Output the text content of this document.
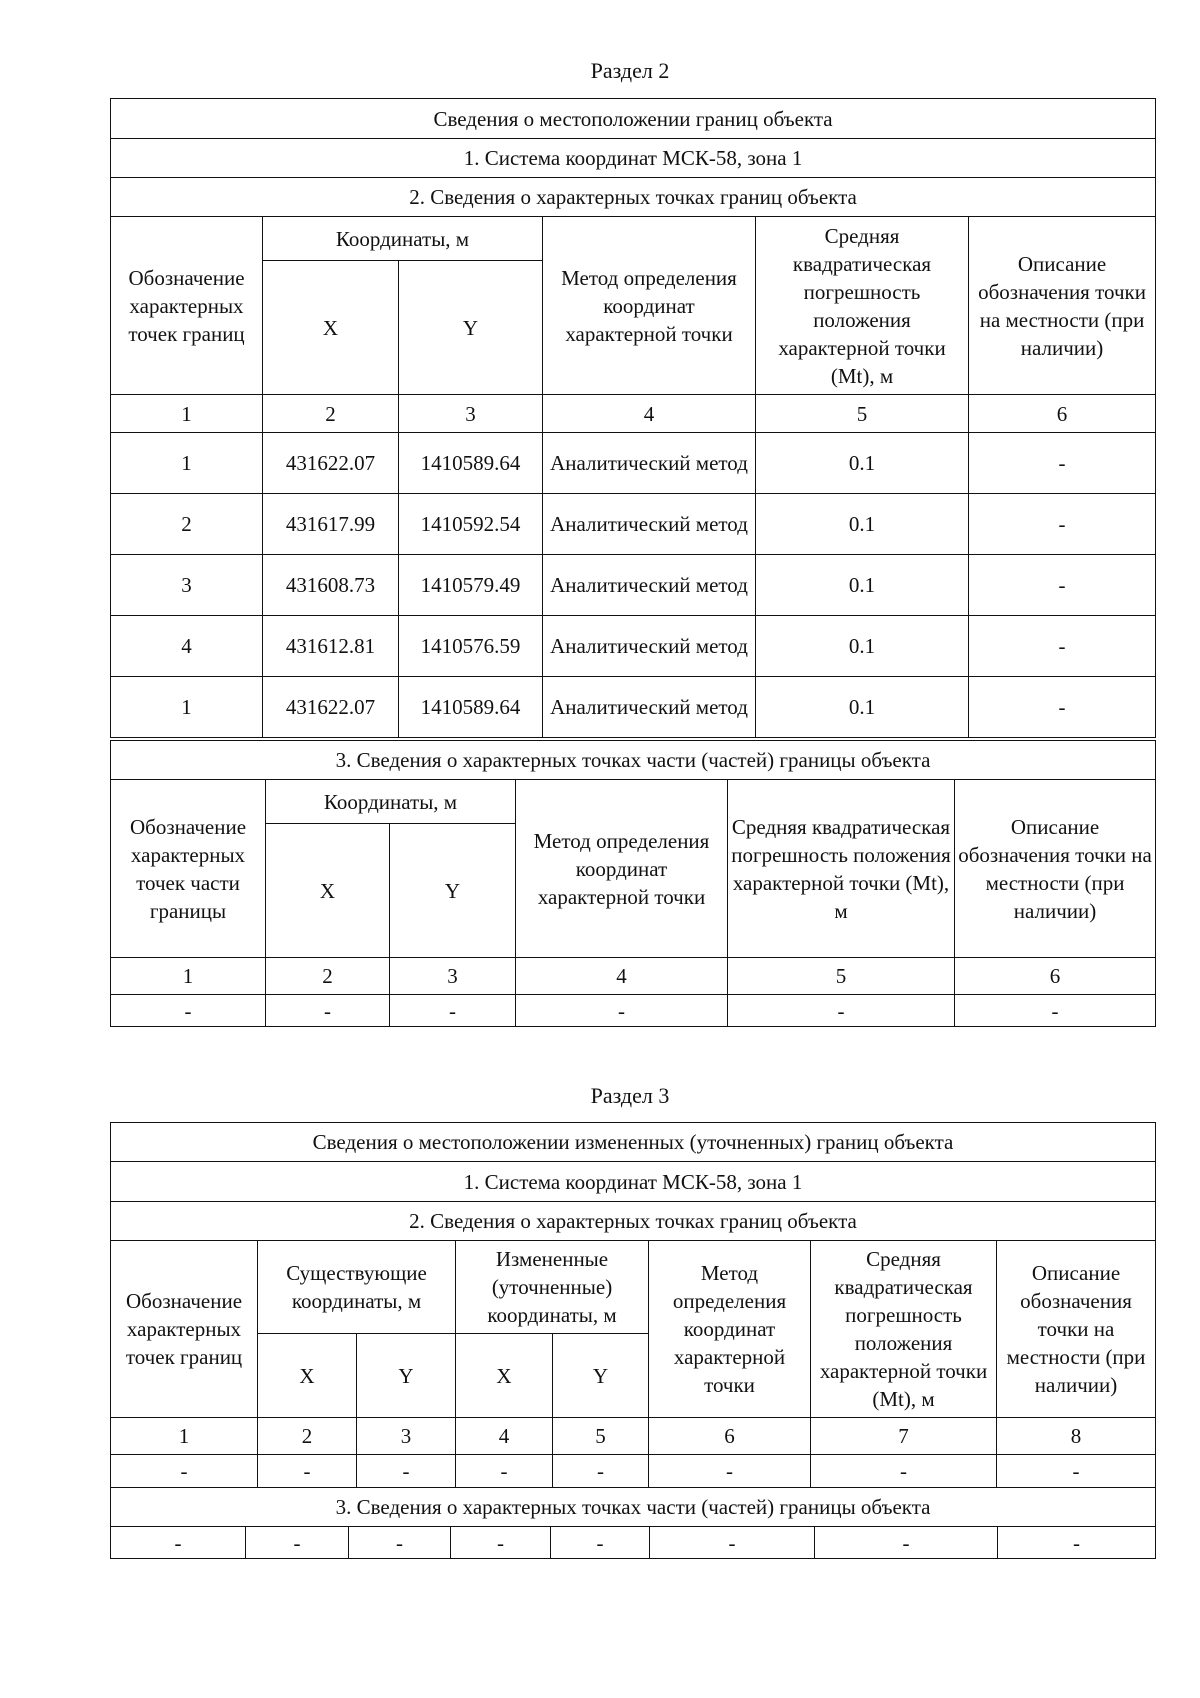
Раздел 2
Сведения о местоположении границ объекта					
1. Система координат МСК-58, зона 1					
2. Сведения о характерных точках границ объекта					
Обозначение характерных точек границ	Координаты, м		Метод определения координат характерной точки	Средняя квадратическая погрешность положения характерной точки (Mt), м	Описание обозначения точки на местности (при наличии)
	X	Y			
1	2	3	4	5	6
1	431622.07	1410589.64	Аналитический метод	0.1	-
2	431617.99	1410592.54	Аналитический метод	0.1	-
3	431608.73	1410579.49	Аналитический метод	0.1	-
4	431612.81	1410576.59	Аналитический метод	0.1	-
1	431622.07	1410589.64	Аналитический метод	0.1	-
3. Сведения о характерных точках части (частей) границы объекта					
Обозначение характерных точек части границы	Координаты, м		Метод определения координат характерной точки	Средняя квадратическая погрешность положения характерной точки (Mt), м	Описание обозначения точки на местности (при наличии)
	X	Y			
1	2	3	4	5	6
-	-	-	-	-	-
Раздел 3
Сведения о местоположении измененных (уточненных) границ объекта							
1. Система координат МСК-58, зона 1							
2. Сведения о характерных точках границ объекта							
Обозначение характерных точек границ	Существующие координаты, м		Измененные (уточненные) координаты, м		Метод определения координат характерной точки	Средняя квадратическая погрешность положения характерной точки (Mt), м	Описание обозначения точки на местности (при наличии)
	X	Y	X	Y			
1	2	3	4	5	6	7	8
-	-	-	-	-	-	-	-
3. Сведения о характерных точках части (частей) границы объекта
-	-	-	-	-	-	-	-
